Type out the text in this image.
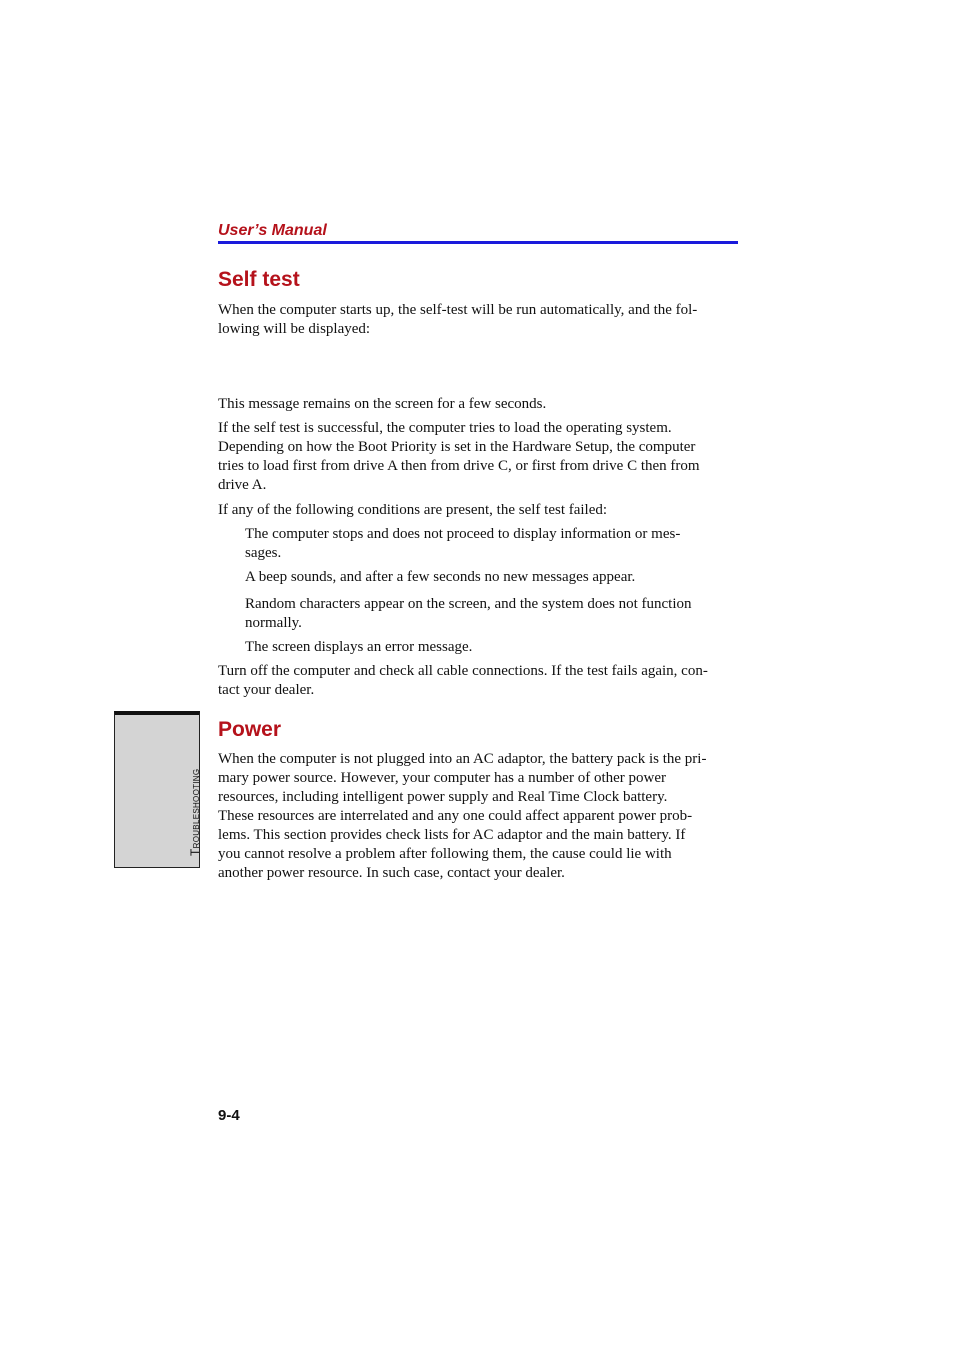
User’s Manual
Troubleshooting
Self test
When the computer starts up, the self-test will be run automatically, and the fol-
lowing will be displayed:
This message remains on the screen for a few seconds.
If the self test is successful, the computer tries to load the operating system.
Depending on how the Boot Priority is set in the Hardware Setup, the computer
tries to load first from drive A then from drive C, or first from drive C then from
drive A.
If any of the following conditions are present, the self test failed:
The computer stops and does not proceed to display information or mes-
sages.
A beep sounds, and after a few seconds no new messages appear.
Random characters appear on the screen, and the system does not function
normally.
The screen displays an error message.
Turn off the computer and check all cable connections. If the test fails again, con-
tact your dealer.
Power
When the computer is not plugged into an AC adaptor, the battery pack is the pri-
mary power source. However, your computer has a number of other power
resources, including intelligent power supply and Real Time Clock battery.
These resources are interrelated and any one could affect apparent power prob-
lems. This section provides check lists for AC adaptor and the main battery. If
you cannot resolve a problem after following them, the cause could lie with
another power resource. In such case, contact your dealer.
9-4
